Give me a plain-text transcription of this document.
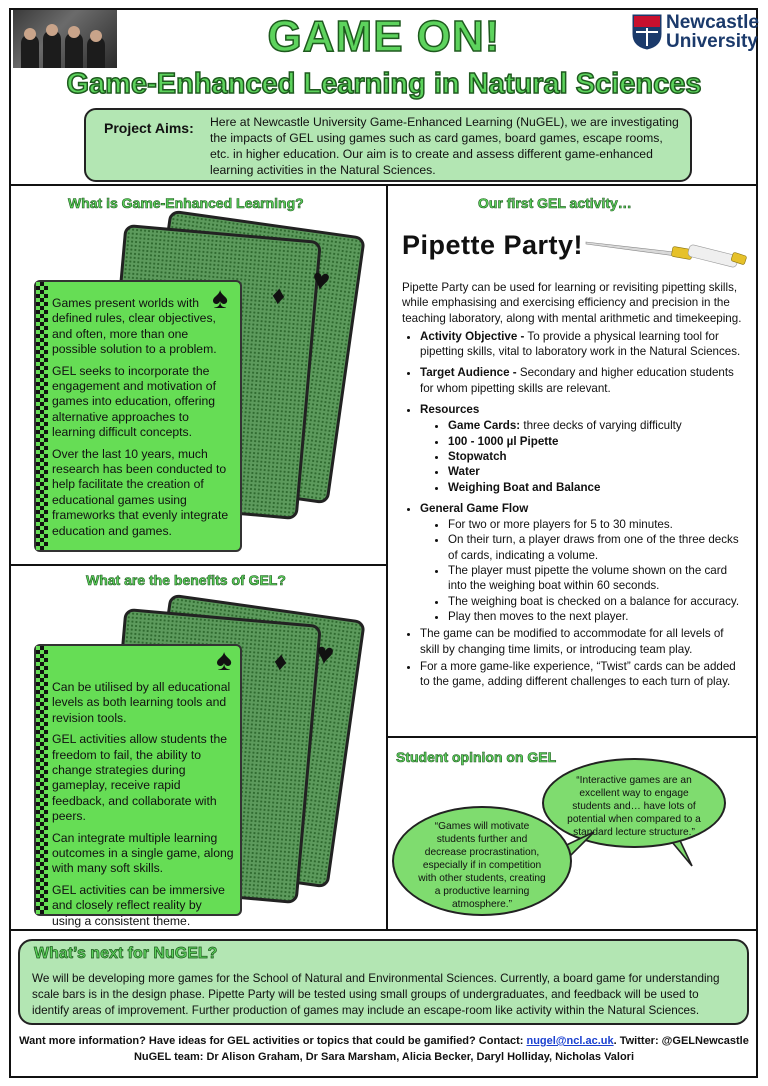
Newcastle
University
GAME ON!
Game-Enhanced Learning in Natural Sciences
Project Aims: Here at Newcastle University Game-Enhanced Learning (NuGEL), we are investigating the impacts of GEL using games such as card games, board games, escape rooms, etc. in higher education. Our aim is to create and assess different game-enhanced learning activities in the Natural Sciences.
What is Game-Enhanced Learning?

Games present worlds with defined rules, clear objectives, and often, more than one possible solution to a problem.

GEL seeks to incorporate the engagement and motivation of games into education, offering alternative approaches to learning difficult concepts.

Over the last 10 years, much research has been conducted to help facilitate the creation of educational games using frameworks that evenly integrate education and games.

♠ ♦ ♥
What are the benefits of GEL?

Can be utilised by all educational levels as both learning tools and revision tools.

GEL activities allow students the freedom to fail, the ability to change strategies during gameplay, receive rapid feedback, and collaborate with peers.

Can integrate multiple learning outcomes in a single game, along with many soft skills.

GEL activities can be immersive and closely reflect reality by using a consistent theme.

♠ ♦ ♥
Our first GEL activity…
Pipette Party!

Pipette Party can be used for learning or revisiting pipetting skills, while emphasising and exercising efficiency and precision in the teaching laboratory, along with mental arithmetic and timekeeping.

• Activity Objective - To provide a physical learning tool for pipetting skills, vital to laboratory work in the Natural Sciences.
• Target Audience - Secondary and higher education students for whom pipetting skills are relevant.
• Resources
• Game Cards: three decks of varying difficulty
• 100 - 1000 µl Pipette
• Stopwatch
• Water
• Weighing Boat and Balance
• General Game Flow
• For two or more players for 5 to 30 minutes.
• On their turn, a player draws from one of the three decks of cards, indicating a volume.
• The player must pipette the volume shown on the card into the weighing boat within 60 seconds.
• The weighing boat is checked on a balance for accuracy.
• Play then moves to the next player.
• The game can be modified to accommodate for all levels of skill by changing time limits, or introducing team play.
• For a more game-like experience, “Twist” cards can be added to the game, adding different challenges to each turn of play.
Student opinion on GEL
“Interactive games are an
excellent way to engage
students and… have lots of
potential when compared to a
standard lecture structure.”
“Games will motivate
students further and
decrease procrastination,
especially if in competition
with other students, creating
a productive learning
atmosphere.”
What’s next for NuGEL?
We will be developing more games for the School of Natural and Environmental Sciences. Currently, a board game for understanding scale bars is in the design phase. Pipette Party will be tested using small groups of undergraduates, and feedback will be used to identify areas of improvement. Further production of games may include an escape-room like activity within the Natural Sciences.
Want more information? Have ideas for GEL activities or topics that could be gamified? Contact: nugel@ncl.ac.uk. Twitter: @GELNewcastle
NuGEL team: Dr Alison Graham, Dr Sara Marsham, Alicia Becker, Daryl Holliday, Nicholas Valori
